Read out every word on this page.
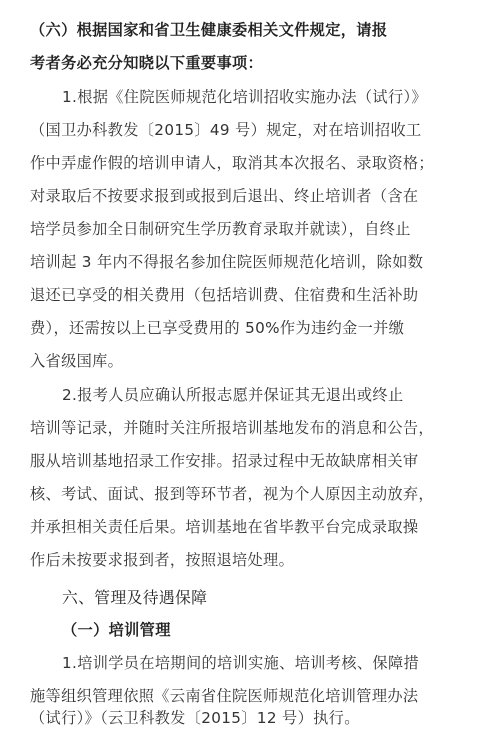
（六）根据国家和省卫生健康委相关文件规定，请报
考者务必充分知晓以下重要事项：
1.根据《住院医师规范化培训招收实施办法（试行）》
（国卫办科教发〔2015〕49 号）规定，对在培训招收工
作中弄虚作假的培训申请人，取消其本次报名、录取资格；
对录取后不按要求报到或报到后退出、终止培训者（含在
培学员参加全日制研究生学历教育录取并就读），自终止
培训起 3 年内不得报名参加住院医师规范化培训，除如数
退还已享受的相关费用（包括培训费、住宿费和生活补助
费），还需按以上已享受费用的 50%作为违约金一并缴
入省级国库。
2.报考人员应确认所报志愿并保证其无退出或终止
培训等记录，并随时关注所报培训基地发布的消息和公告，
服从培训基地招录工作安排。招录过程中无故缺席相关审
核、考试、面试、报到等环节者，视为个人原因主动放弃，
并承担相关责任后果。培训基地在省毕教平台完成录取操
作后未按要求报到者，按照退培处理。
六、管理及待遇保障
（一）培训管理
1.培训学员在培期间的培训实施、培训考核、保障措
施等组织管理依照《云南省住院医师规范化培训管理办法
（试行）》（云卫科教发〔2015〕12 号）执行。
